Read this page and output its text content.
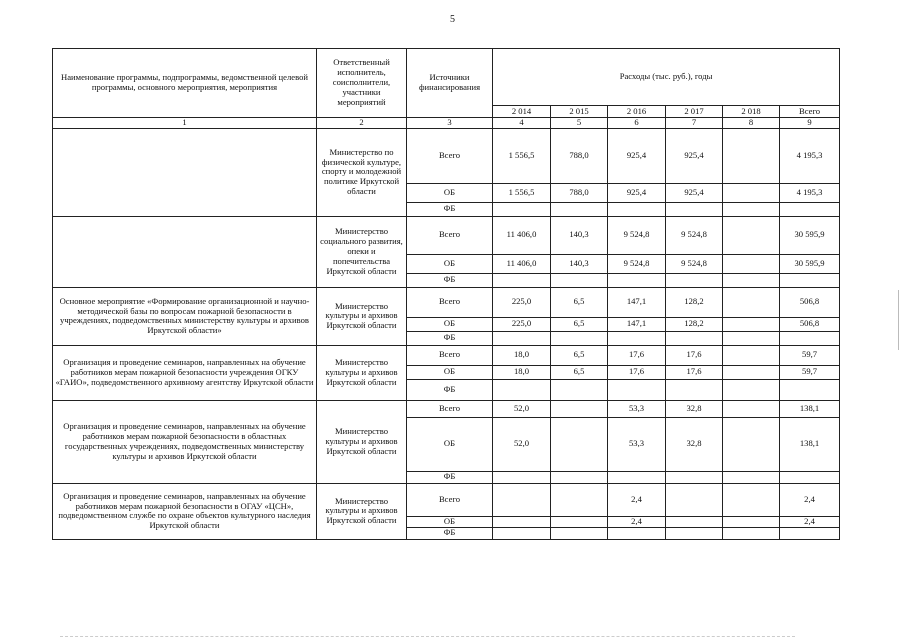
5
Наименование программы, подпрограммы, ведомственной целевой программы, основного мероприятия, мероприятия	Ответственный исполнитель, соисполнители, участники мероприятий	Источники финансирования	Расходы (тыс. руб.), годы					
			2 014	2 015	2 016	2 017	2 018	Всего
1	2	3	4	5	6	7	8	9
	Министерство по физической культуре, спорту и молодежной политике Иркутской области	Всего	1 556,5	788,0	925,4	925,4		4 195,3
		ОБ	1 556,5	788,0	925,4	925,4		4 195,3
		ФБ						
	Министерство социального развития, опеки и попечительства Иркутской области	Всего	11 406,0	140,3	9 524,8	9 524,8		30 595,9
		ОБ	11 406,0	140,3	9 524,8	9 524,8		30 595,9
		ФБ						
Основное мероприятие «Формирование организационной и научно-методической базы по вопросам пожарной безопасности в учреждениях, подведомственных министерству культуры и архивов Иркутской области»	Министерство культуры и архивов Иркутской области	Всего	225,0	6,5	147,1	128,2		506,8
		ОБ	225,0	6,5	147,1	128,2		506,8
		ФБ						
Организация и проведение семинаров, направленных на обучение работников мерам пожарной безопасности учреждения ОГКУ «ГАИО», подведомственного архивному агентству Иркутской области	Министерство культуры и архивов Иркутской области	Всего	18,0	6,5	17,6	17,6		59,7
		ОБ	18,0	6,5	17,6	17,6		59,7
		ФБ						
Организация и проведение семинаров, направленных на обучение работников мерам пожарной безопасности в областных государственных учреждениях, подведомственных министерству культуры и архивов Иркутской области	Министерство культуры и архивов Иркутской области	Всего	52,0		53,3	32,8		138,1
		ОБ	52,0		53,3	32,8		138,1
		ФБ						
Организация и проведение семинаров, направленных на обучение работников мерам пожарной безопасности в ОГАУ «ЦСН», подведомственном службе по охране объектов культурного наследия Иркутской области	Министерство культуры и архивов Иркутской области	Всего			2,4			2,4
		ОБ			2,4			2,4
		ФБ						
